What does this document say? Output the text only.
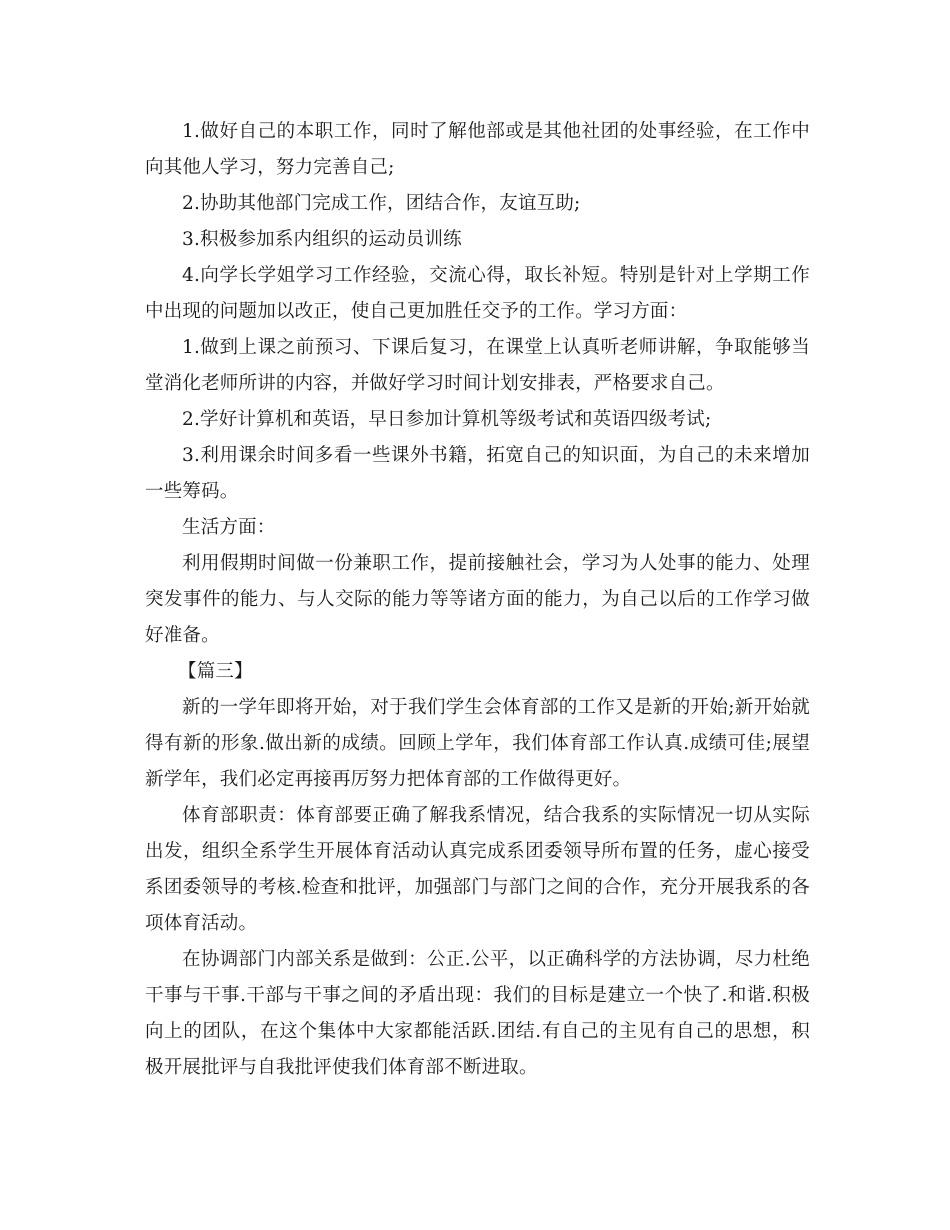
1.做好自己的本职工作，同时了解他部或是其他社团的处事经验，在工作中向其他人学习，努力完善自己;

2.协助其他部门完成工作，团结合作，友谊互助;

3.积极参加系内组织的运动员训练

4.向学长学姐学习工作经验，交流心得，取长补短。特别是针对上学期工作中出现的问题加以改正，使自己更加胜任交予的工作。学习方面：

1.做到上课之前预习、下课后复习，在课堂上认真听老师讲解，争取能够当堂消化老师所讲的内容，并做好学习时间计划安排表，严格要求自己。

2.学好计算机和英语，早日参加计算机等级考试和英语四级考试;

3.利用课余时间多看一些课外书籍，拓宽自己的知识面，为自己的未来增加一些筹码。

生活方面：

利用假期时间做一份兼职工作，提前接触社会，学习为人处事的能力、处理突发事件的能力、与人交际的能力等等诸方面的能力，为自己以后的工作学习做好准备。

【篇三】

新的一学年即将开始，对于我们学生会体育部的工作又是新的开始;新开始就得有新的形象.做出新的成绩。回顾上学年，我们体育部工作认真.成绩可佳;展望新学年，我们必定再接再厉努力把体育部的工作做得更好。

体育部职责：体育部要正确了解我系情况，结合我系的实际情况一切从实际出发，组织全系学生开展体育活动认真完成系团委领导所布置的任务，虚心接受系团委领导的考核.检查和批评，加强部门与部门之间的合作，充分开展我系的各项体育活动。

在协调部门内部关系是做到：公正.公平，以正确科学的方法协调，尽力杜绝干事与干事.干部与干事之间的矛盾出现：我们的目标是建立一个快了.和谐.积极向上的团队，在这个集体中大家都能活跃.团结.有自己的主见有自己的思想，积极开展批评与自我批评使我们体育部不断进取。
